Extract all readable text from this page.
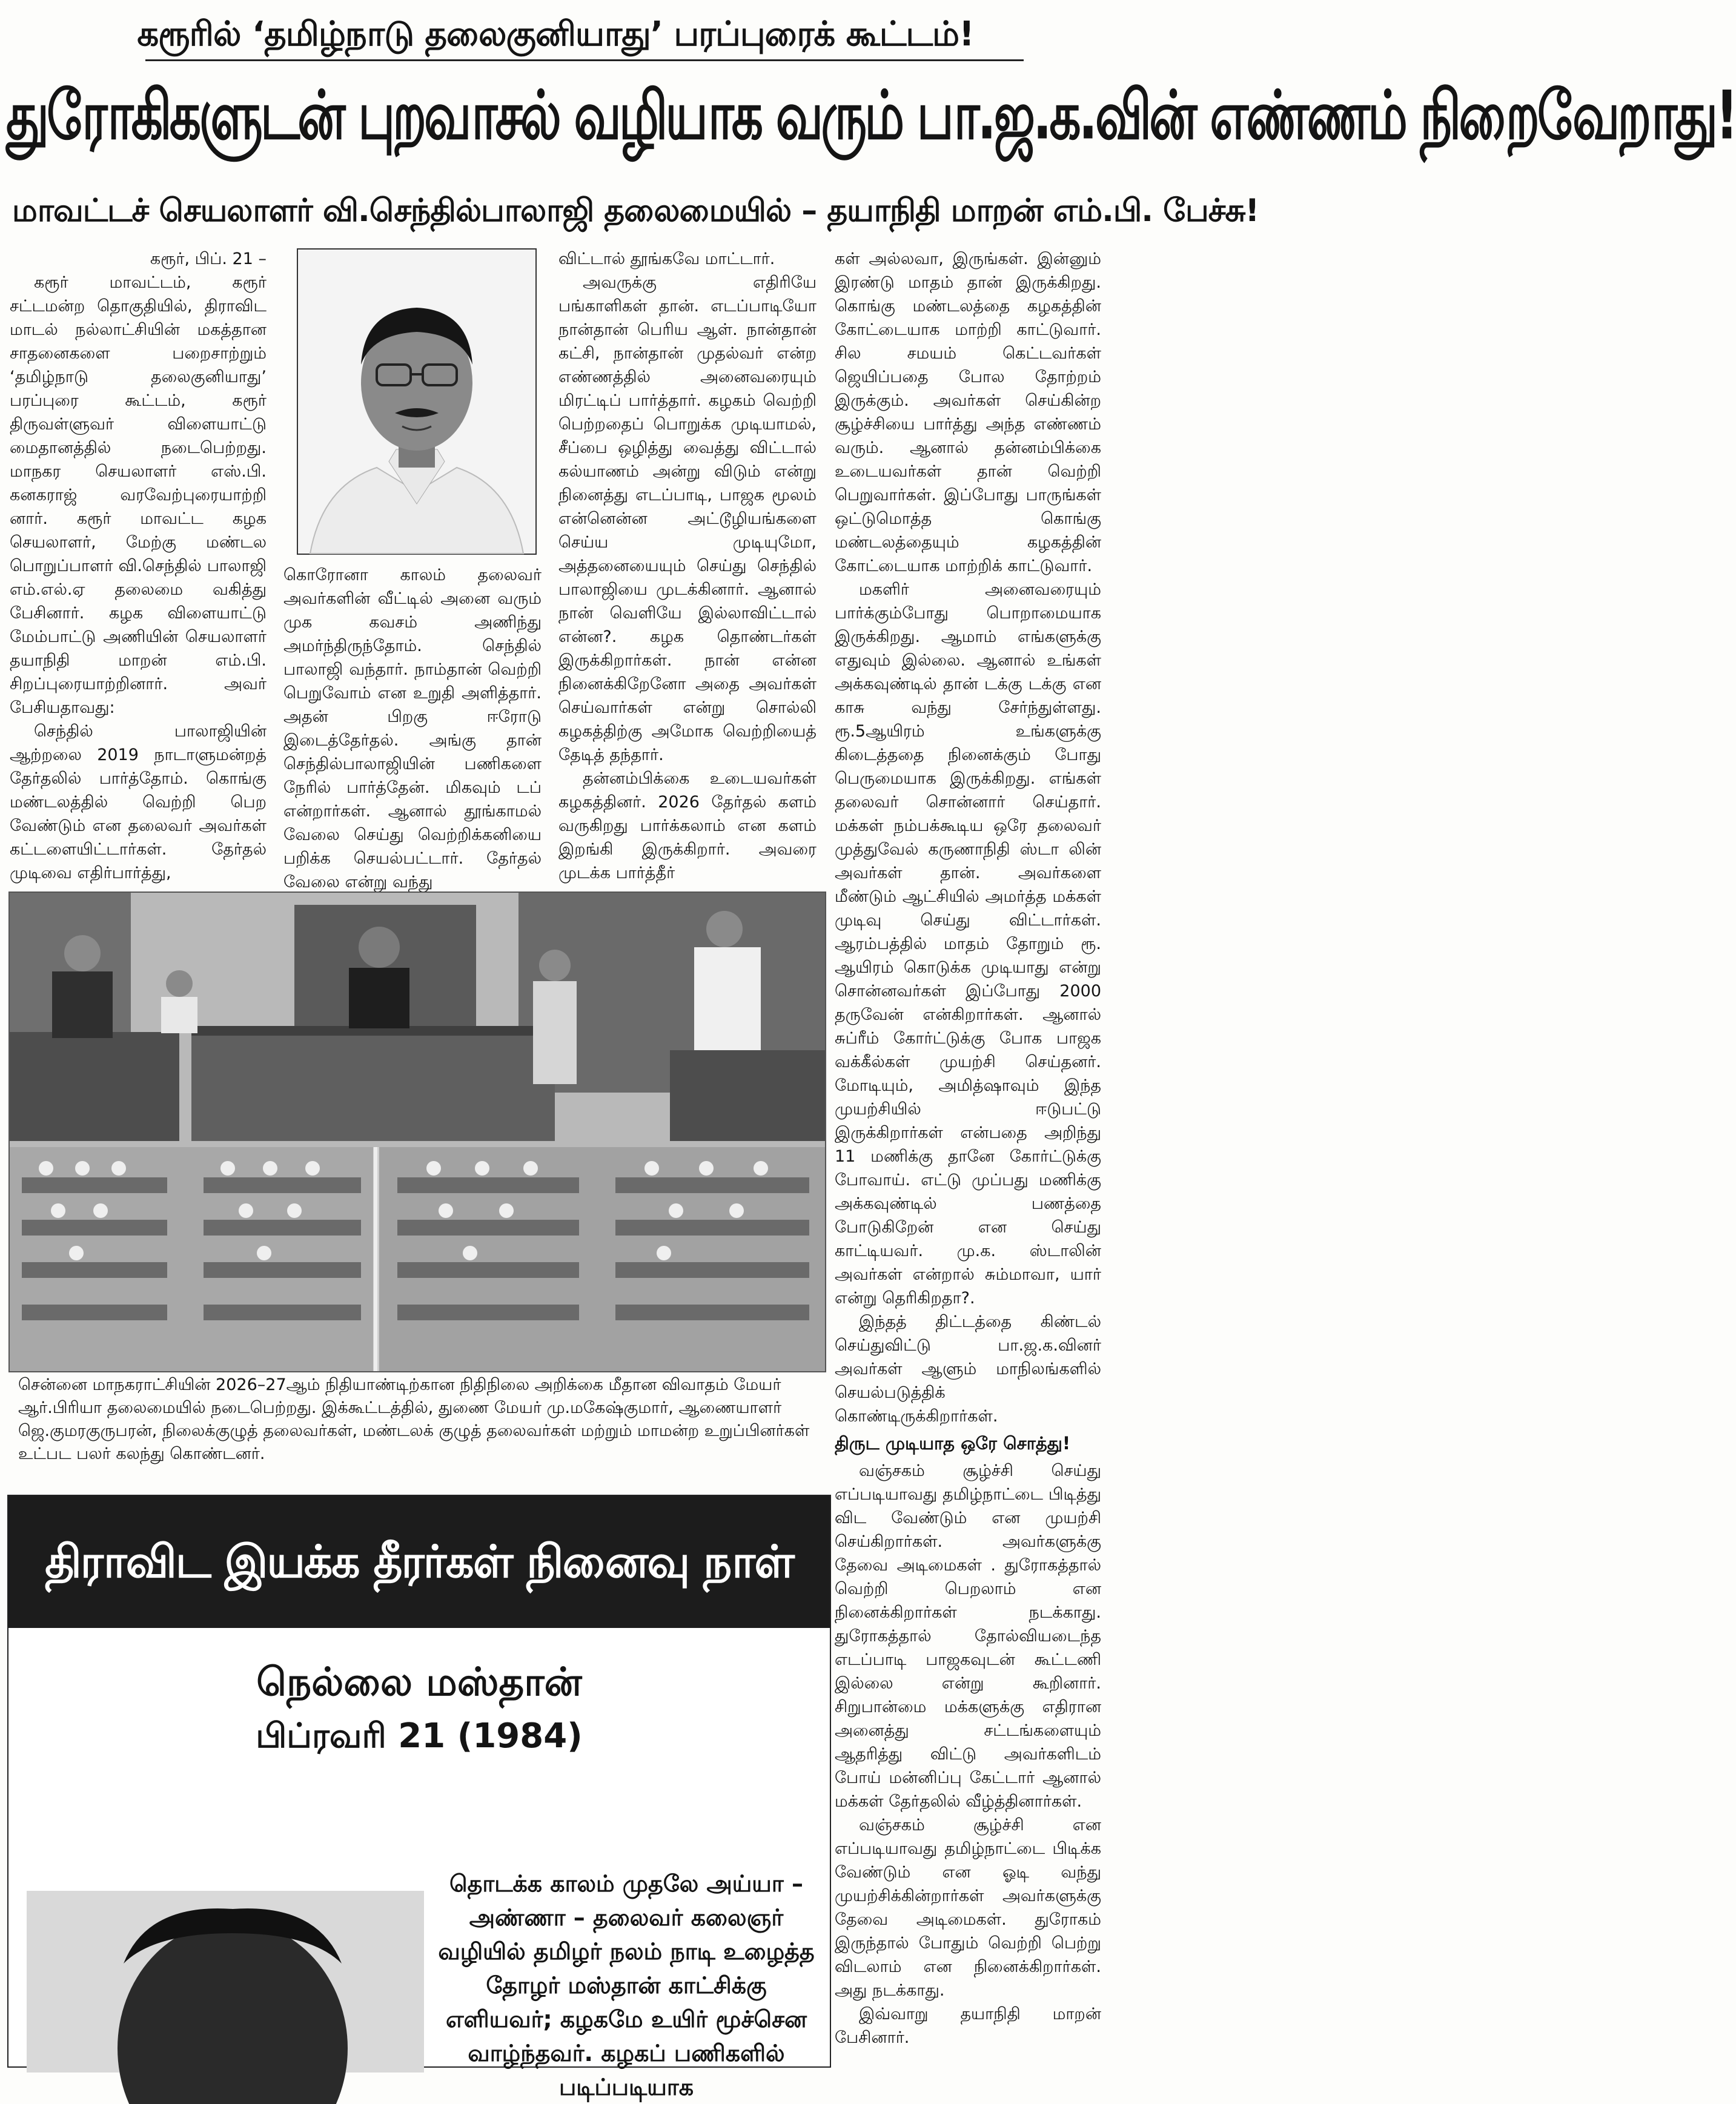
கரூரில் ‘தமிழ்நாடு தலைகுனியாது’ பரப்புரைக் கூட்டம்!
துரோகிகளுடன் புறவாசல் வழியாக வரும் பா.ஜ.க.வின் எண்ணம் நிறைவேறாது!
மாவட்டச் செயலாளர் வி.செந்தில்பாலாஜி தலைமையில் – தயாநிதி மாறன் எம்.பி. பேச்சு!

கரூர், பிப். 21 –

கரூர் மாவட்டம், கரூர் சட்டமன்ற தொகுதியில், திராவிட மாடல் நல்லாட்சியின் மகத்தான சாதனைகளை பறைசாற்றும் ‘தமிழ்நாடு தலைகுனியாது’ பரப்புரை கூட்டம், கரூர் திருவள்ளுவர் விளையாட்டு மைதானத்தில் நடைபெற்றது. மாநகர செயலாளர் எஸ்.பி. கனகராஜ் வரவேற்புரையாற்றி னார். கரூர் மாவட்ட கழக செயலாளர், மேற்கு மண்டல பொறுப்பாளர் வி.செந்தில் பாலாஜி எம்.எல்.ஏ தலைமை வகித்து பேசினார். கழக விளையாட்டு மேம்பாட்டு அணியின் செயலாளர் தயாநிதி மாறன் எம்.பி. சிறப்புரையாற்றினார். அவர் பேசியதாவது:

செந்தில் பாலாஜியின் ஆற்றலை 2019 நாடாளுமன்றத் தேர்தலில் பார்த்தோம். கொங்கு மண்டலத்தில் வெற்றி பெற வேண்டும் என தலைவர் அவர்கள் கட்டளையிட்டார்கள். தேர்தல் முடிவை எதிர்பார்த்து,

கொரோனா காலம் தலைவர் அவர்களின் வீட்டில் அனை வரும் முக கவசம் அணிந்து அமர்ந்திருந்தோம். செந்தில் பாலாஜி வந்தார். நாம்தான் வெற்றி பெறுவோம் என உறுதி அளித்தார். அதன் பிறகு ஈரோடு இடைத்தேர்தல். அங்கு தான் செந்தில்பாலாஜியின் பணிகளை நேரில் பார்த்தேன். மிகவும் டப் என்றார்கள். ஆனால் தூங்காமல் வேலை செய்து வெற்றிக்கனியை பறிக்க செயல்பட்டார். தேர்தல் வேலை என்று வந்து

விட்டால் தூங்கவே மாட்டார்.

அவருக்கு எதிரியே பங்காளிகள் தான். எடப்பாடியோ நான்தான் பெரிய ஆள். நான்தான் கட்சி, நான்தான் முதல்வர் என்ற எண்ணத்தில் அனைவரையும் மிரட்டிப் பார்த்தார். கழகம் வெற்றி பெற்றதைப் பொறுக்க முடியாமல், சீப்பை ஒழித்து வைத்து விட்டால் கல்யாணம் அன்று விடும் என்று நினைத்து எடப்பாடி, பாஜக மூலம் என்னென்ன அட்டூழியங்களை செய்ய முடியுமோ, அத்தனையையும் செய்து செந்தில் பாலாஜியை முடக்கினார். ஆனால் நான் வெளியே இல்லாவிட்டால் என்ன?. கழக தொண்டர்கள் இருக்கிறார்கள். நான் என்ன நினைக்கிறேனோ அதை அவர்கள் செய்வார்கள் என்று சொல்லி கழகத்திற்கு அமோக வெற்றியைத் தேடித் தந்தார்.

தன்னம்பிக்கை உடையவர்கள் கழகத்தினர். 2026 தேர்தல் களம் வருகிறது பார்க்கலாம் என களம் இறங்கி இருக்கிறார். அவரை முடக்க பார்த்தீர்

கள் அல்லவா, இருங்கள். இன்னும் இரண்டு மாதம் தான் இருக்கிறது. கொங்கு மண்டலத்தை கழகத்தின் கோட்டையாக மாற்றி காட்டுவார். சில சமயம் கெட்டவர்கள் ஜெயிப்பதை போல தோற்றம் இருக்கும். அவர்கள் செய்கின்ற சூழ்ச்சியை பார்த்து அந்த எண்ணம் வரும். ஆனால் தன்னம்பிக்கை உடையவர்கள் தான் வெற்றி பெறுவார்கள். இப்போது பாருங்கள் ஒட்டுமொத்த கொங்கு மண்டலத்தையும் கழகத்தின் கோட்டையாக மாற்றிக் காட்டுவார்.

மகளிர் அனைவரையும் பார்க்கும்போது பொறாமையாக இருக்கிறது. ஆமாம் எங்களுக்கு எதுவும் இல்லை. ஆனால் உங்கள் அக்கவுண்டில் தான் டக்கு டக்கு என காசு வந்து சேர்ந்துள்ளது. ரூ.5ஆயிரம் உங்களுக்கு கிடைத்ததை நினைக்கும் போது பெருமையாக இருக்கிறது. எங்கள் தலைவர் சொன்னார் செய்தார். மக்கள் நம்பக்கூடிய ஒரே தலைவர் முத்துவேல் கருணாநிதி ஸ்டா லின் அவர்கள் தான். அவர்களை மீண்டும் ஆட்சியில் அமர்த்த மக்கள் முடிவு செய்து விட்டார்கள். ஆரம்பத்தில் மாதம் தோறும் ரூ. ஆயிரம் கொடுக்க முடியாது என்று சொன்னவர்கள் இப்போது 2000 தருவேன் என்கிறார்கள். ஆனால் சுப்ரீம் கோர்ட்டுக்கு போக பாஜக வக்கீல்கள் முயற்சி செய்தனர். மோடியும், அமித்ஷாவும் இந்த முயற்சியில் ஈடுபட்டு இருக்கிறார்கள் என்பதை அறிந்து 11 மணிக்கு தானே கோர்ட்டுக்கு போவாய். எட்டு முப்பது மணிக்கு அக்கவுண்டில் பணத்தை போடுகிறேன் என செய்து காட்டியவர். மு.க. ஸ்டாலின் அவர்கள் என்றால் சும்மாவா, யார் என்று தெரிகிறதா?.

இந்தத் திட்டத்தை கிண்டல் செய்துவிட்டு பா.ஜ.க.வினர் அவர்கள் ஆளும் மாநிலங்களில் செயல்படுத்திக் கொண்டிருக்கிறார்கள்.

திருட முடியாத ஒரே சொத்து!

வஞ்சகம் சூழ்ச்சி செய்து எப்படியாவது தமிழ்நாட்டை பிடித்து விட வேண்டும் என முயற்சி செய்கிறார்கள். அவர்களுக்கு தேவை அடிமைகள் . துரோகத்தால் வெற்றி பெறலாம் என நினைக்கிறார்கள் நடக்காது. துரோகத்தால் தோல்வியடைந்த எடப்பாடி பாஜகவுடன் கூட்டணி இல்லை என்று கூறினார். சிறுபான்மை மக்களுக்கு எதிரான அனைத்து சட்டங்களையும் ஆதரித்து விட்டு அவர்களிடம் போய் மன்னிப்பு கேட்டார் ஆனால் மக்கள் தேர்தலில் வீழ்த்தினார்கள்.

வஞ்சகம் சூழ்ச்சி என எப்படியாவது தமிழ்நாட்டை பிடிக்க வேண்டும் என ஓடி வந்து முயற்சிக்கின்றார்கள் அவர்களுக்கு தேவை அடிமைகள். துரோகம் இருந்தால் போதும் வெற்றி பெற்று விடலாம் என நினைக்கிறார்கள். அது நடக்காது.

இவ்வாறு தயாநிதி மாறன் பேசினார்.

சென்னை மாநகராட்சியின் 2026–27ஆம் நிதியாண்டிற்கான நிதிநிலை அறிக்கை மீதான விவாதம் மேயர் ஆர்.பிரியா தலைமையில் நடைபெற்றது. இக்கூட்டத்தில், துணை மேயர் மு.மகேஷ்குமார், ஆணையாளர் ஜெ.குமரகுருபரன், நிலைக்குழுத் தலைவர்கள், மண்டலக் குழுத் தலைவர்கள் மற்றும் மாமன்ற உறுப்பினர்கள் உட்பட பலர் கலந்து கொண்டனர்.
திராவிட இயக்க தீரர்கள் நினைவு நாள்
நெல்லை மஸ்தான்
பிப்ரவரி 21 (1984)
தொடக்க காலம் முதலே அய்யா – அண்ணா – தலைவர் கலைஞர் வழியில் தமிழர் நலம் நாடி உழைத்த தோழர் மஸ்தான் காட்சிக்கு எளியவர்; கழகமே உயிர் மூச்சென வாழ்ந்தவர். கழகப் பணிகளில் படிப்படியாக
